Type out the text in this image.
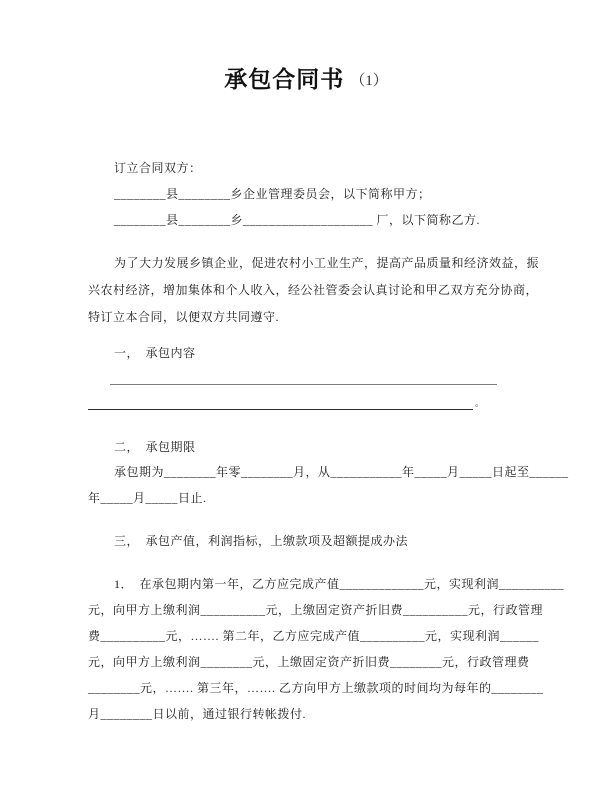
承包合同书 （1）
订立合同双方：
________县________乡企业管理委员会，以下简称甲方；
________县________乡____________________ 厂，以下简称乙方.
为了大力发展乡镇企业，促进农村小工业生产，提高产品质量和经济效益，振
兴农村经济，增加集体和个人收入，经公社管委会认真讨论和甲乙双方充分协商，
特订立本合同，以便双方共同遵守.
一，　承包内容
。
二，　承包期限
承包期为________年零________月，从___________年_____月_____日起至______
年_____月_____日止.
三，　承包产值，利润指标，上缴款项及超额提成办法
1．　在承包期内第一年，乙方应完成产值_____________元，实现利润__________
元，向甲方上缴利润__________元，上缴固定资产折旧费__________元，行政管理
费__________元，……. 第二年，乙方应完成产值__________元，实现利润______
元，向甲方上缴利润________元，上缴固定资产折旧费________元，行政管理费
________元，……. 第三年，……. 乙方向甲方上缴款项的时间均为每年的________
月________日以前，通过银行转帐拨付.
